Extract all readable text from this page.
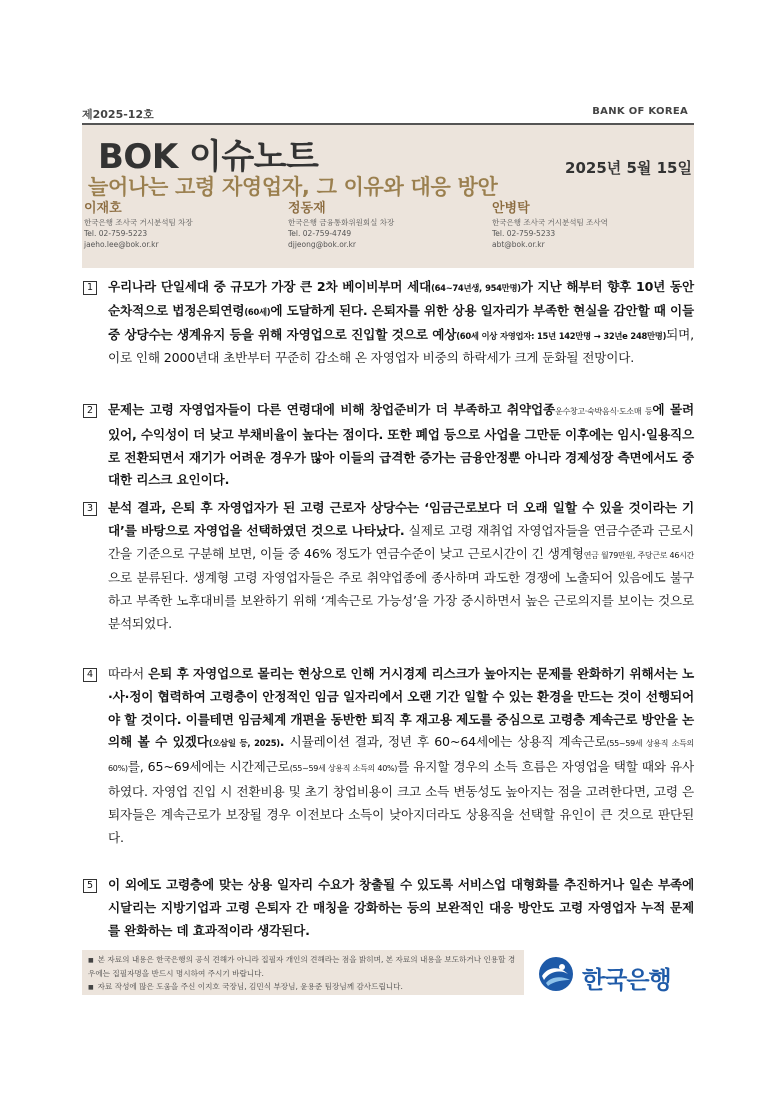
제2025-12호	BANK OF KOREA
BOK 이슈노트	2025년 5월 15일
늘어나는 고령 자영업자, 그 이유와 대응 방안
이재호
한국은행 조사국 거시분석팀 차장
Tel. 02-759-5223
jaeho.lee@bok.or.kr
정동재
한국은행 금융통화위원회실 차장
Tel. 02-759-4749
djjeong@bok.or.kr
안병탁
한국은행 조사국 거시분석팀 조사역
Tel. 02-759-5233
abt@bok.or.kr
1	우리나라 단일세대 중 규모가 가장 큰 2차 베이비부머 세대(64~74년생, 954만명)가 지난 해부터 향후 10년 동안 순차적으로 법정은퇴연령(60세)에 도달하게 된다. 은퇴자를 위한 상용 일자리가 부족한 현실을 감안할 때 이들 중 상당수는 생계유지 등을 위해 자영업으로 진입할 것으로 예상(60세 이상 자영업자: 15년 142만명 → 32년e 248만명)되며, 이로 인해 2000년대 초반부터 꾸준히 감소해 온 자영업자 비중의 하락세가 크게 둔화될 전망이다.
2	문제는 고령 자영업자들이 다른 연령대에 비해 창업준비가 더 부족하고 취약업종운수창고·숙박음식·도소매 등에 몰려 있어, 수익성이 더 낮고 부채비율이 높다는 점이다. 또한 폐업 등으로 사업을 그만둔 이후에는 임시·일용직으로 전환되면서 재기가 어려운 경우가 많아 이들의 급격한 증가는 금융안정뿐 아니라 경제성장 측면에서도 중대한 리스크 요인이다.
3	분석 결과, 은퇴 후 자영업자가 된 고령 근로자 상당수는 ‘임금근로보다 더 오래 일할 수 있을 것이라는 기대’를 바탕으로 자영업을 선택하였던 것으로 나타났다. 실제로 고령 재취업 자영업자들을 연금수준과 근로시간을 기준으로 구분해 보면, 이들 중 46% 정도가 연금수준이 낮고 근로시간이 긴 생계형연금 월79만원, 주당근로 46시간으로 분류된다. 생계형 고령 자영업자들은 주로 취약업종에 종사하며 과도한 경쟁에 노출되어 있음에도 불구하고 부족한 노후대비를 보완하기 위해 ‘계속근로 가능성’을 가장 중시하면서 높은 근로의지를 보이는 것으로 분석되었다.
4	따라서 은퇴 후 자영업으로 몰리는 현상으로 인해 거시경제 리스크가 높아지는 문제를 완화하기 위해서는 노·사·정이 협력하여 고령층이 안정적인 임금 일자리에서 오랜 기간 일할 수 있는 환경을 만드는 것이 선행되어야 할 것이다. 이를테면 임금체계 개편을 동반한 퇴직 후 재고용 제도를 중심으로 고령층 계속근로 방안을 논의해 볼 수 있겠다(오삼일 등, 2025). 시뮬레이션 결과, 정년 후 60~64세에는 상용직 계속근로(55~59세 상용직 소득의 60%)를, 65~69세에는 시간제근로(55~59세 상용직 소득의 40%)를 유지할 경우의 소득 흐름은 자영업을 택할 때와 유사하였다. 자영업 진입 시 전환비용 및 초기 창업비용이 크고 소득 변동성도 높아지는 점을 고려한다면, 고령 은퇴자들은 계속근로가 보장될 경우 이전보다 소득이 낮아지더라도 상용직을 선택할 유인이 큰 것으로 판단된다.
5	이 외에도 고령층에 맞는 상용 일자리 수요가 창출될 수 있도록 서비스업 대형화를 추진하거나 일손 부족에 시달리는 지방기업과 고령 은퇴자 간 매칭을 강화하는 등의 보완적인 대응 방안도 고령 자영업자 누적 문제를 완화하는 데 효과적이라 생각된다.
■ 본 자료의 내용은 한국은행의 공식 견해가 아니라 집필자 개인의 견해라는 점을 밝히며, 본 자료의 내용을 보도하거나 인용할 경우에는 집필자명을 반드시 명시하여 주시기 바랍니다.
■ 자료 작성에 많은 도움을 주신 이지호 국장님, 김민식 부장님, 윤용준 팀장님께 감사드립니다.	한국은행
